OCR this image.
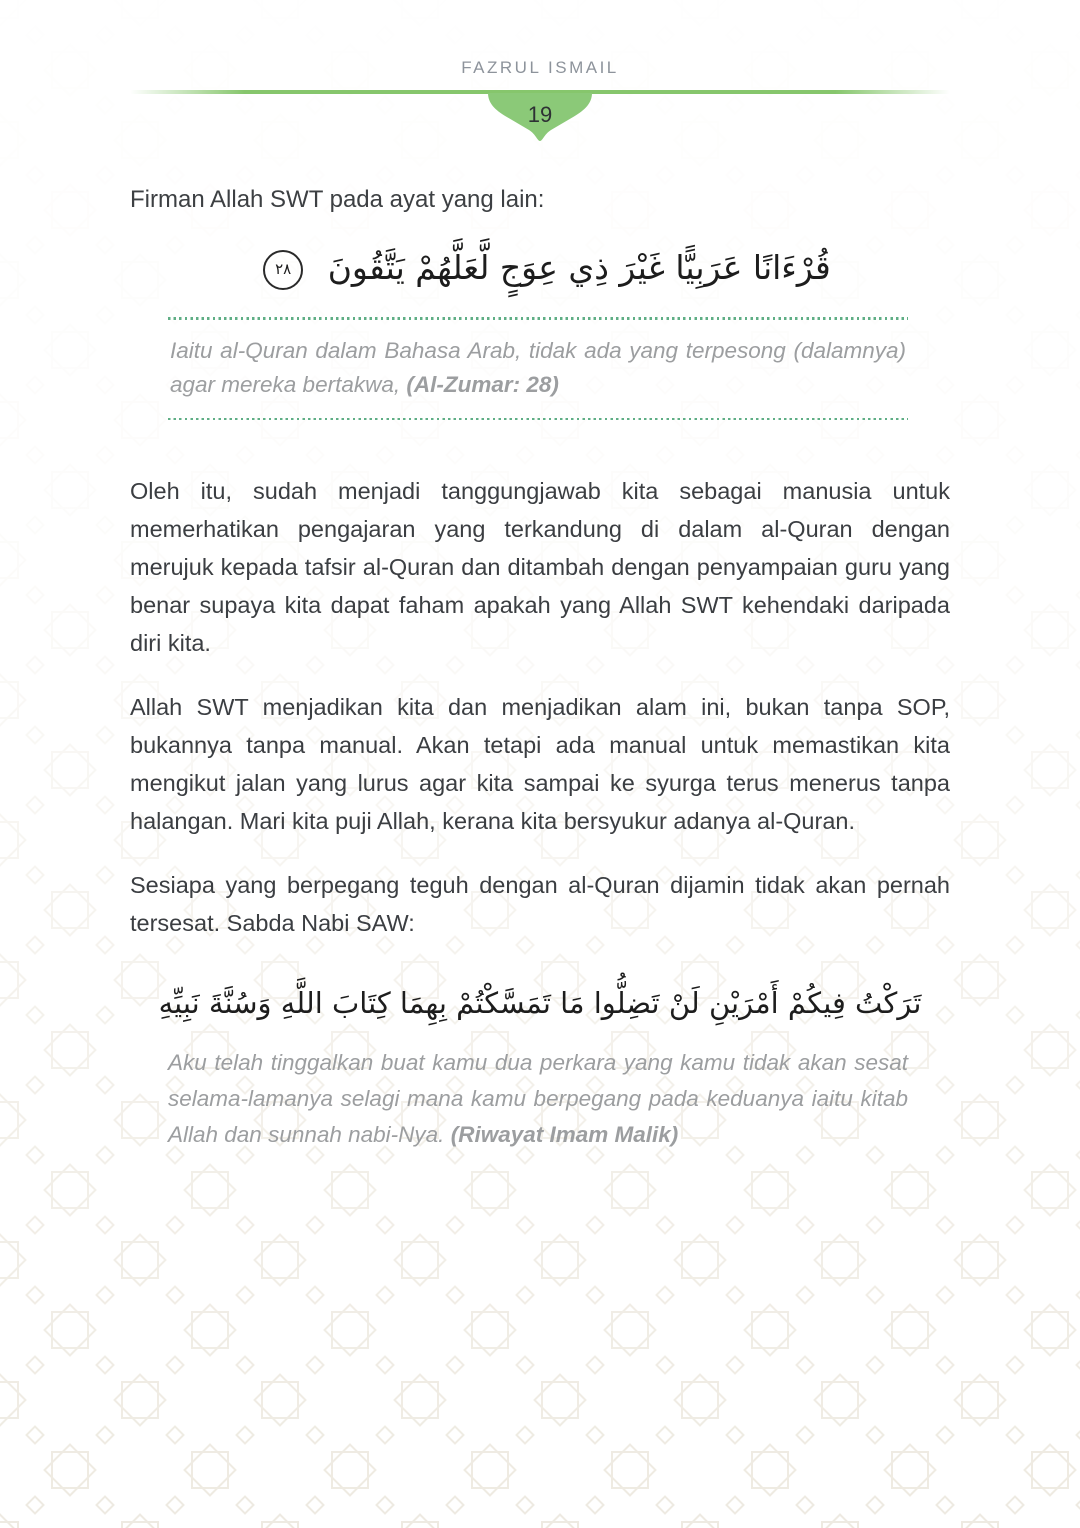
FAZRUL ISMAIL
19
Firman Allah SWT pada ayat yang lain:
قُرْءَانًا عَرَبِيًّا غَيْرَ ذِي عِوَجٍ لَّعَلَّهُمْ يَتَّقُونَ
٢٨
Iaitu al-Quran dalam Bahasa Arab, tidak ada yang terpesong (dalamnya) agar mereka bertakwa, (Al-Zumar: 28)
Oleh itu, sudah menjadi tanggungjawab kita sebagai manusia untuk memerhatikan pengajaran yang terkandung di dalam al-Quran dengan merujuk kepada tafsir al-Quran dan ditambah dengan penyampaian guru yang benar supaya kita dapat faham apakah yang Allah SWT kehendaki daripada diri kita.
Allah SWT menjadikan kita dan menjadikan alam ini, bukan tanpa SOP, bukannya tanpa manual. Akan tetapi ada manual untuk memastikan kita mengikut jalan yang lurus agar kita sampai ke syurga terus menerus tanpa halangan. Mari kita puji Allah, kerana kita bersyukur adanya al-Quran.
Sesiapa yang berpegang teguh dengan al-Quran dijamin tidak akan pernah tersesat. Sabda Nabi SAW:
تَرَكْتُ فِيكُمْ أَمْرَيْنِ لَنْ تَضِلُّوا مَا تَمَسَّكْتُمْ بِهِمَا كِتَابَ اللَّهِ وَسُنَّةَ نَبِيِّهِ
Aku telah tinggalkan buat kamu dua perkara yang kamu tidak akan sesat selama-lamanya selagi mana kamu berpegang pada keduanya iaitu kitab Allah dan sunnah nabi-Nya. (Riwayat Imam Malik)
